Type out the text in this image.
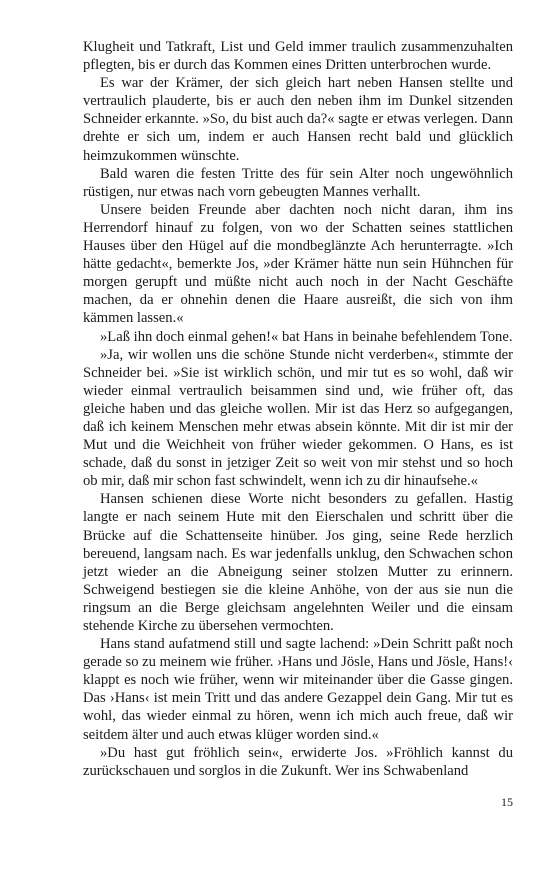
Klugheit und Tatkraft, List und Geld immer traulich zusammenzuhalten pflegten, bis er durch das Kommen eines Dritten unterbrochen wurde.

Es war der Krämer, der sich gleich hart neben Hansen stellte und vertraulich plauderte, bis er auch den neben ihm im Dunkel sitzenden Schneider erkannte. »So, du bist auch da?« sagte er etwas verlegen. Dann drehte er sich um, indem er auch Hansen recht bald und glücklich heimzukommen wünschte.

Bald waren die festen Tritte des für sein Alter noch ungewöhnlich rüstigen, nur etwas nach vorn gebeugten Mannes verhallt.

Unsere beiden Freunde aber dachten noch nicht daran, ihm ins Herrendorf hinauf zu folgen, von wo der Schatten seines stattlichen Hauses über den Hügel auf die mondbeglänzte Ach herunterragte. »Ich hätte gedacht«, bemerkte Jos, »der Krämer hätte nun sein Hühnchen für morgen gerupft und müßte nicht auch noch in der Nacht Geschäfte machen, da er ohnehin denen die Haare ausreißt, die sich von ihm kämmen lassen.«

»Laß ihn doch einmal gehen!« bat Hans in beinahe befehlendem Tone.

»Ja, wir wollen uns die schöne Stunde nicht verderben«, stimmte der Schneider bei. »Sie ist wirklich schön, und mir tut es so wohl, daß wir wieder einmal vertraulich beisammen sind und, wie früher oft, das gleiche haben und das gleiche wollen. Mir ist das Herz so aufgegangen, daß ich keinem Menschen mehr etwas absein könnte. Mit dir ist mir der Mut und die Weichheit von früher wieder gekommen. O Hans, es ist schade, daß du sonst in jetziger Zeit so weit von mir stehst und so hoch ob mir, daß mir schon fast schwindelt, wenn ich zu dir hinaufsehe.«

Hansen schienen diese Worte nicht besonders zu gefallen. Hastig langte er nach seinem Hute mit den Eierschalen und schritt über die Brücke auf die Schattenseite hinüber. Jos ging, seine Rede herzlich bereuend, langsam nach. Es war jedenfalls unklug, den Schwachen schon jetzt wieder an die Abneigung seiner stolzen Mutter zu erinnern. Schweigend bestiegen sie die kleine Anhöhe, von der aus sie nun die ringsum an die Berge gleichsam angelehnten Weiler und die einsam stehende Kirche zu übersehen vermochten.

Hans stand aufatmend still und sagte lachend: »Dein Schritt paßt noch gerade so zu meinem wie früher. ›Hans und Jösle, Hans und Jösle, Hans!‹ klappt es noch wie früher, wenn wir miteinander über die Gasse gingen. Das ›Hans‹ ist mein Tritt und das andere Gezappel dein Gang. Mir tut es wohl, das wieder einmal zu hören, wenn ich mich auch freue, daß wir seitdem älter und auch etwas klüger worden sind.«

»Du hast gut fröhlich sein«, erwiderte Jos. »Fröhlich kannst du zurückschauen und sorglos in die Zukunft. Wer ins Schwabenland

15
